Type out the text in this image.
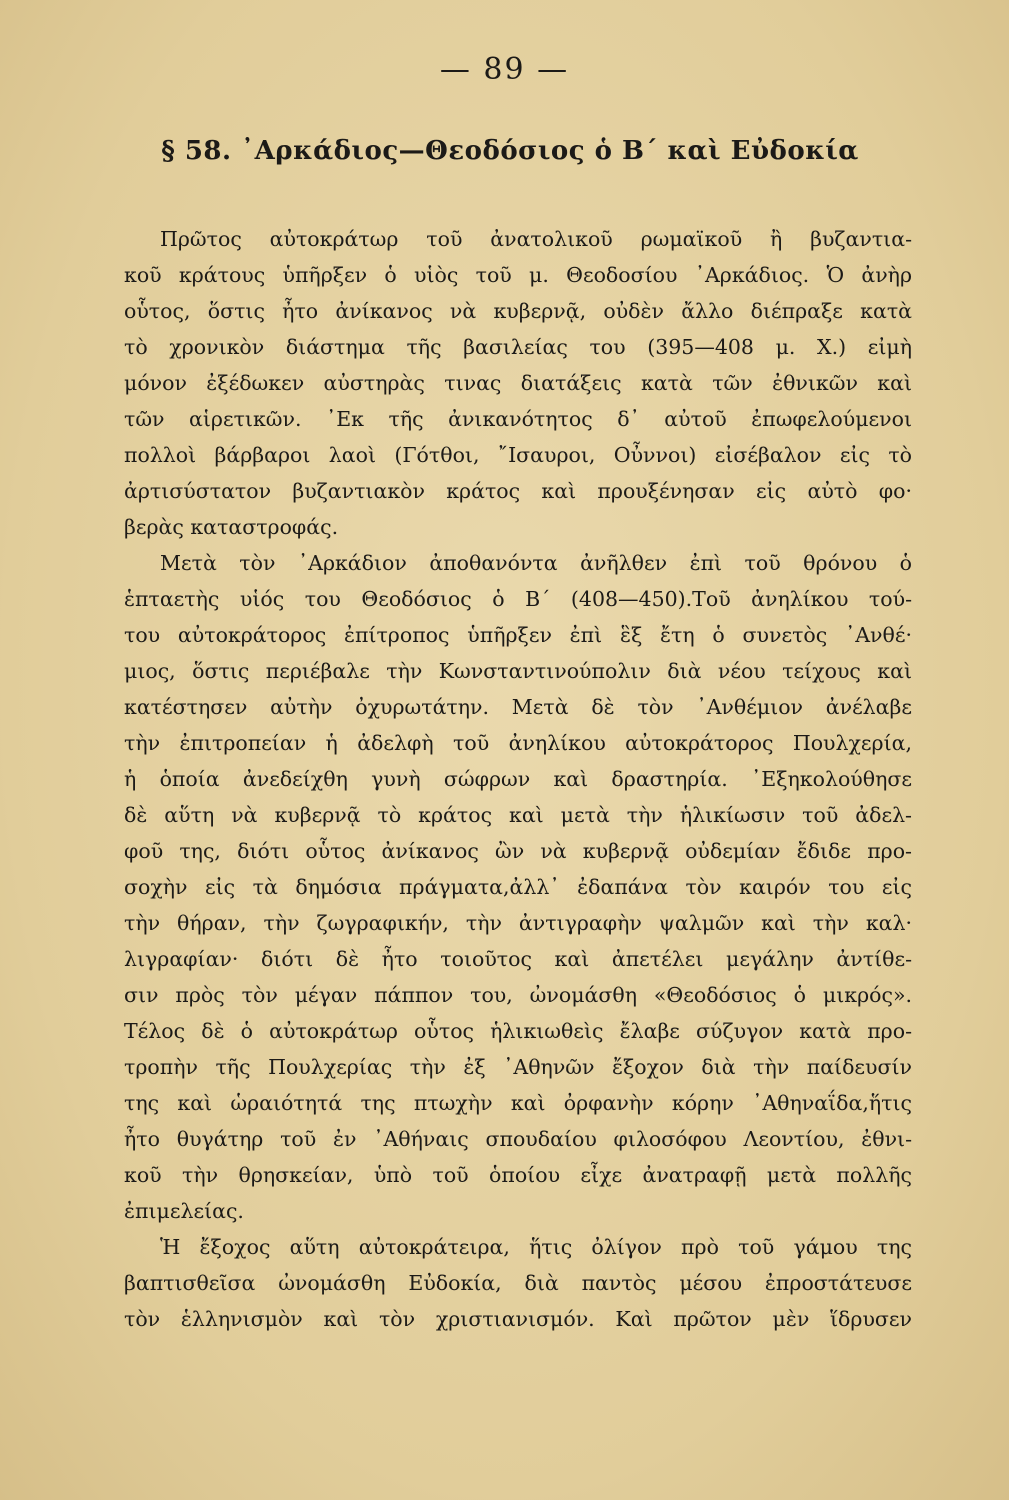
— 89 —
§ 58. ᾿Αρκάδιος—Θεοδόσιος ὁ Β΄ καὶ Εὐδοκία
Πρῶτος αὐτοκράτωρ τοῦ ἀνατολικοῦ ρωμαϊκοῦ ἢ βυζαντια-
κοῦ κράτους ὑπῆρξεν ὁ υἱὸς τοῦ μ. Θεοδοσίου ᾿Αρκάδιος. Ὁ ἀνὴρ
οὗτος, ὅστις ἦτο ἀνίκανος νὰ κυβερνᾷ, οὐδὲν ἄλλο διέπραξε κατὰ
τὸ χρονικὸν διάστημα τῆς βασιλείας του (395—408 μ. Χ.) εἰμὴ
μόνον ἐξέδωκεν αὐστηρὰς τινας διατάξεις κατὰ τῶν ἐθνικῶν καὶ
τῶν αἱρετικῶν. ᾿Εκ τῆς ἀνικανότητος δ᾿ αὐτοῦ ἐπωφελούμενοι
πολλοὶ βάρβαροι λαοὶ (Γότθοι, ῎Ισαυροι, Οὖννοι) εἰσέβαλον εἰς τὸ
ἀρτισύστατον βυζαντιακὸν κράτος καὶ προυξένησαν εἰς αὐτὸ φο·
βερὰς καταστροφάς.
Μετὰ τὸν ᾿Αρκάδιον ἀποθανόντα ἀνῆλθεν ἐπὶ τοῦ θρόνου ὁ
ἑπταετὴς υἱός του Θεοδόσιος ὁ Β΄ (408—450).Τοῦ ἀνηλίκου τού-
του αὐτοκράτορος ἐπίτροπος ὑπῆρξεν ἐπὶ ἓξ ἔτη ὁ συνετὸς ᾿Ανθέ·
μιος, ὅστις περιέβαλε τὴν Κωνσταντινούπολιν διὰ νέου τείχους καὶ
κατέστησεν αὐτὴν ὀχυρωτάτην. Μετὰ δὲ τὸν ᾿Ανθέμιον ἀνέλαβε
τὴν ἐπιτροπείαν ἡ ἀδελφὴ τοῦ ἀνηλίκου αὐτοκράτορος Πουλχερία,
ἡ ὁποία ἀνεδείχθη γυνὴ σώφρων καὶ δραστηρία. ᾿Εξηκολούθησε
δὲ αὕτη νὰ κυβερνᾷ τὸ κράτος καὶ μετὰ τὴν ἡλικίωσιν τοῦ ἀδελ-
φοῦ της, διότι οὗτος ἀνίκανος ὢν νὰ κυβερνᾷ οὐδεμίαν ἔδιδε προ-
σοχὴν εἰς τὰ δημόσια πράγματα,ἀλλ᾿ ἐδαπάνα τὸν καιρόν του εἰς
τὴν θήραν, τὴν ζωγραφικήν, τὴν ἀντιγραφὴν ψαλμῶν καὶ τὴν καλ·
λιγραφίαν· διότι δὲ ἦτο τοιοῦτος καὶ ἀπετέλει μεγάλην ἀντίθε-
σιν πρὸς τὸν μέγαν πάππον του, ὠνομάσθη «Θεοδόσιος ὁ μικρός».
Τέλος δὲ ὁ αὐτοκράτωρ οὗτος ἡλικιωθεὶς ἔλαβε σύζυγον κατὰ προ-
τροπὴν τῆς Πουλχερίας τὴν ἐξ ᾿Αθηνῶν ἔξοχον διὰ τὴν παίδευσίν
της καὶ ὡραιότητά της πτωχὴν καὶ ὀρφανὴν κόρην ᾿Αθηναΐδα,ἥτις
ἦτο θυγάτηρ τοῦ ἐν ᾿Αθήναις σπουδαίου φιλοσόφου Λεοντίου, ἐθνι-
κοῦ τὴν θρησκείαν, ὑπὸ τοῦ ὁποίου εἶχε ἀνατραφῇ μετὰ πολλῆς
ἐπιμελείας.
Ἡ ἔξοχος αὕτη αὐτοκράτειρα, ἥτις ὀλίγον πρὸ τοῦ γάμου της
βαπτισθεῖσα ὠνομάσθη Εὐδοκία, διὰ παντὸς μέσου ἐπροστάτευσε
τὸν ἑλληνισμὸν καὶ τὸν χριστιανισμόν. Καὶ πρῶτον μὲν ἵδρυσεν
